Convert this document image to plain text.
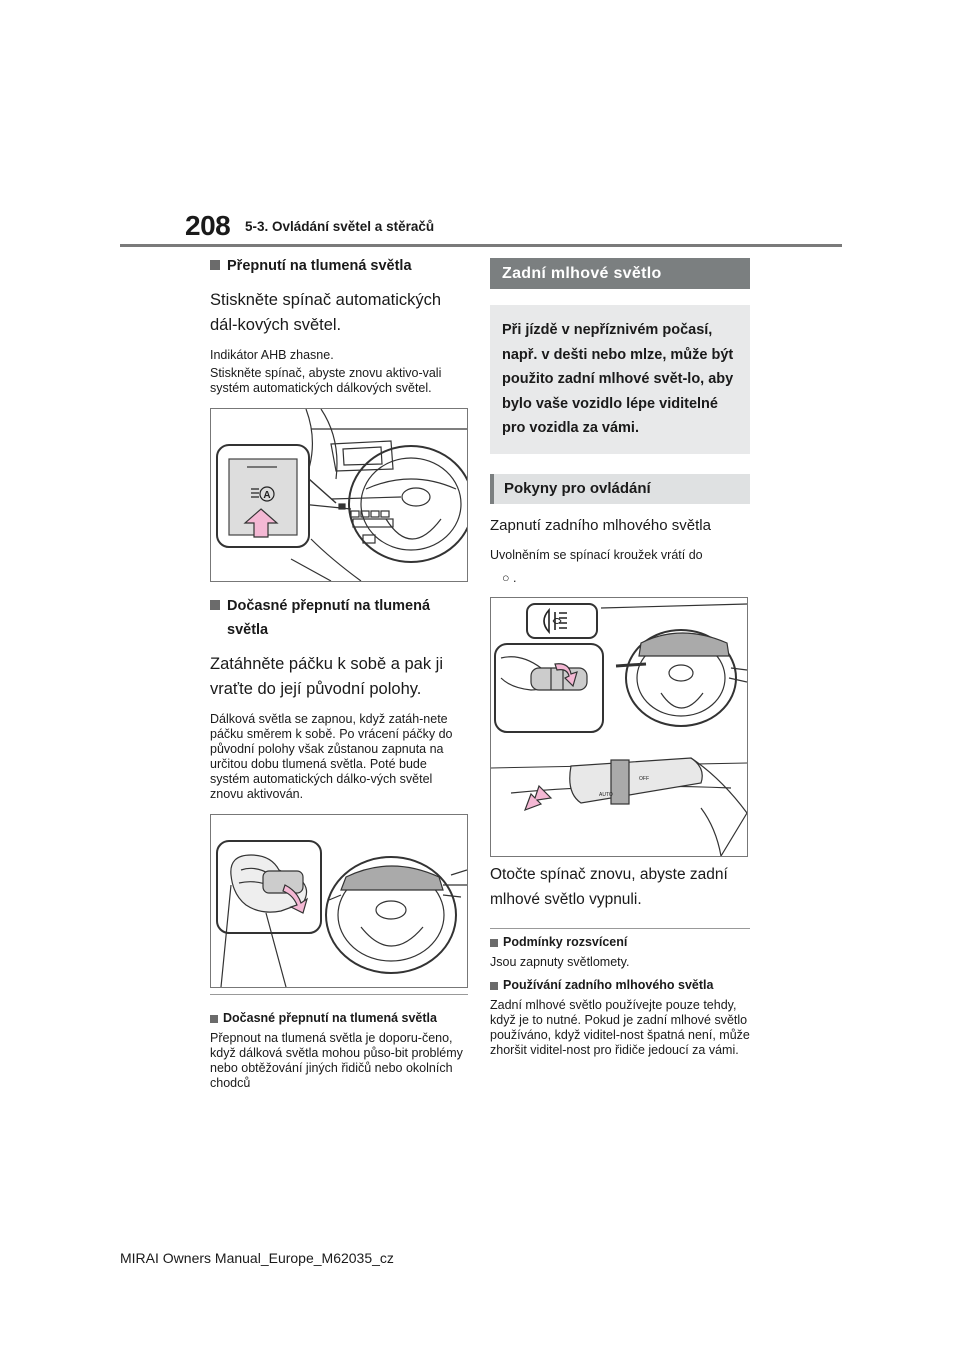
208 5-3. Ovládání světel a stěračů
Přepnutí na tlumená světla

Stiskněte spínač automatických dál-kových světel.

Indikátor AHB zhasne.

Stiskněte spínač, abyste znovu aktivo-vali systém automatických dálkových světel.

A
Dočasné přepnutí na tlumená světla

Zatáhněte páčku k sobě a pak ji vraťte do její původní polohy.

Dálková světla se zapnou, když zatáh-nete páčku směrem k sobě. Po vrácení páčky do původní polohy však zůstanou zapnuta na určitou dobu tlumená světla. Poté bude systém automatických dálko-vých světel znovu aktivován.

Dočasné přepnutí na tlumená světla

Přepnout na tlumená světla je doporu-čeno, když dálková světla mohou půso-bit problémy nebo obtěžování jiných řidičů nebo okolních chodců

Zadní mlhové světlo
Při jízdě v nepříznivém počasí, např. v dešti nebo mlze, může být použito zadní mlhové svět-lo, aby bylo vaše vozidlo lépe viditelné pro vozidla za vámi.
Pokyny pro ovládání

Zapnutí zadního mlhového světla

Uvolněním se spínací kroužek vrátí do

○ .

AUTO
OFF

Otočte spínač znovu, abyste zadní mlhové světlo vypnuli.

Podmínky rozsvícení

Jsou zapnuty světlomety.

Používání zadního mlhového světla

Zadní mlhové světlo používejte pouze tehdy, když je to nutné. Pokud je zadní mlhové světlo používáno, když viditel-nost špatná není, může zhoršit viditel-nost pro řidiče jedoucí za vámi.

MIRAI Owners Manual_Europe_M62035_cz
